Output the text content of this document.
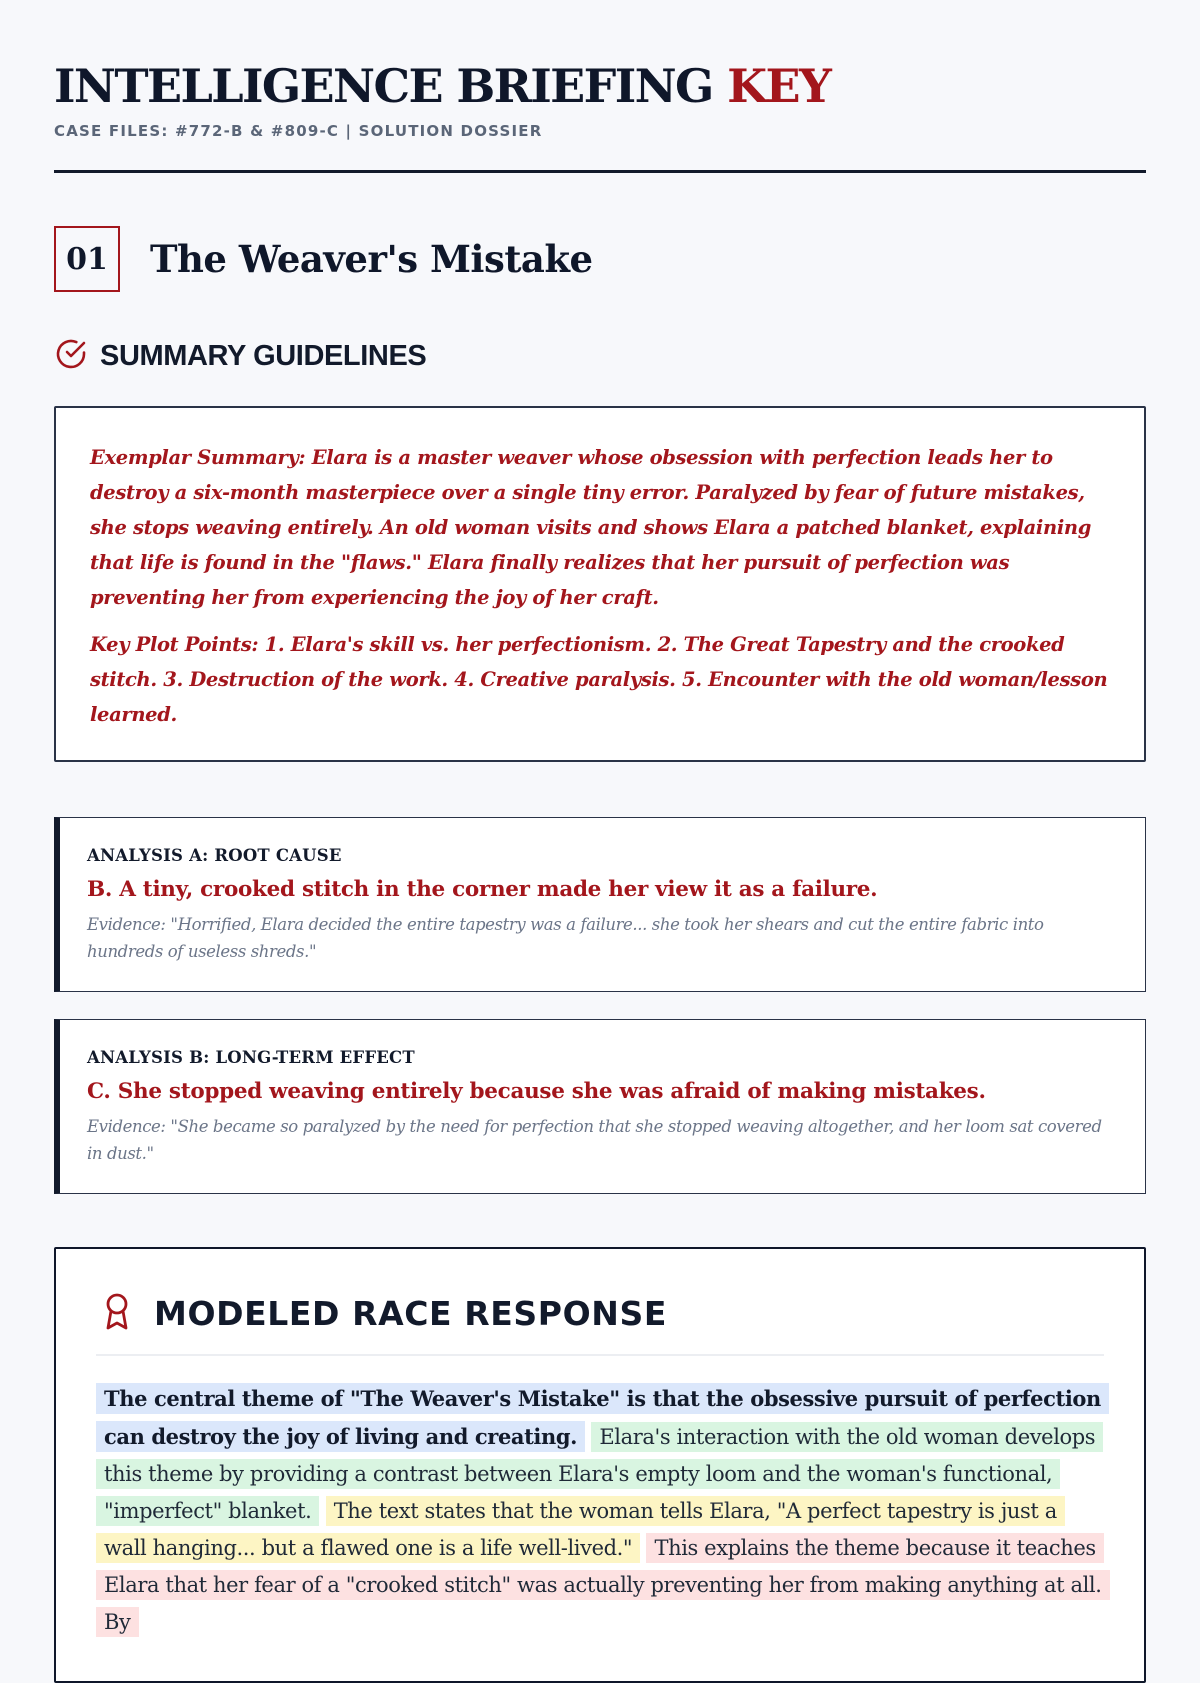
INTELLIGENCE BRIEFING KEY
CASE FILES: #772-B & #809-C | SOLUTION DOSSIER
01	The Weaver's Mistake
SUMMARY GUIDELINES

Exemplar Summary: Elara is a master weaver whose obsession with perfection leads her to destroy a six-month masterpiece over a single tiny error. Paralyzed by fear of future mistakes, she stops weaving entirely. An old woman visits and shows Elara a patched blanket, explaining that life is found in the "flaws." Elara finally realizes that her pursuit of perfection was preventing her from experiencing the joy of her craft.

Key Plot Points: 1. Elara's skill vs. her perfectionism. 2. The Great Tapestry and the crooked stitch. 3. Destruction of the work. 4. Creative paralysis. 5. Encounter with the old woman/lesson learned.

ANALYSIS A: ROOT CAUSE
B. A tiny, crooked stitch in the corner made her view it as a failure.
Evidence: "Horrified, Elara decided the entire tapestry was a failure... she took her shears and cut the entire fabric into hundreds of useless shreds."
ANALYSIS B: LONG-TERM EFFECT
C. She stopped weaving entirely because she was afraid of making mistakes.
Evidence: "She became so paralyzed by the need for perfection that she stopped weaving altogether, and her loom sat covered in dust."
MODELED RACE RESPONSE
The central theme of "The Weaver's Mistake" is that the obsessive pursuit of perfection can destroy the joy of living and creating. Elara's interaction with the old woman develops this theme by providing a contrast between Elara's empty loom and the woman's functional, "imperfect" blanket. The text states that the woman tells Elara, "A perfect tapestry is just a wall hanging... but a flawed one is a life well-lived." This explains the theme because it teaches Elara that her fear of a "crooked stitch" was actually preventing her from making anything at all. By
